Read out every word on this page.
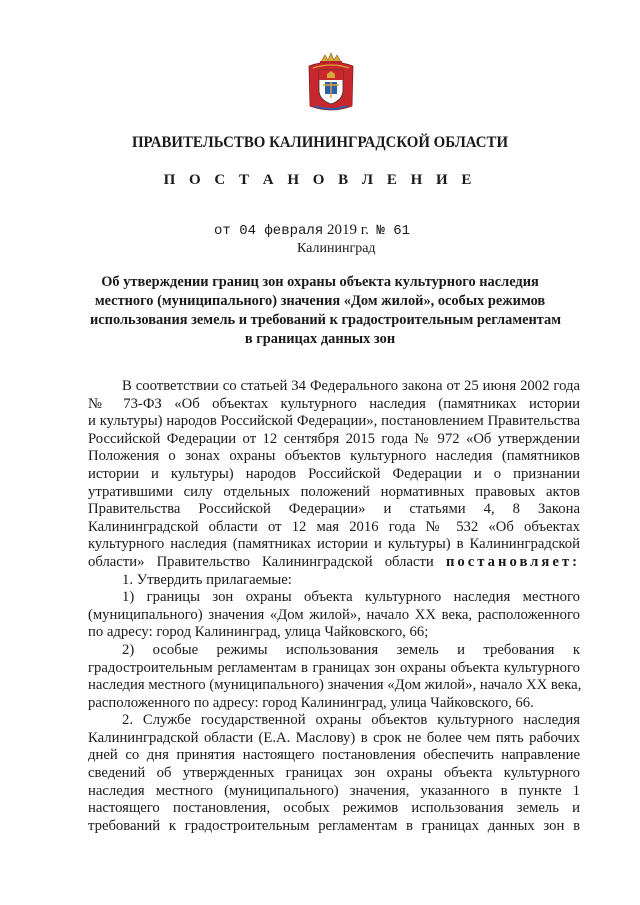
ПРАВИТЕЛЬСТВО КАЛИНИНГРАДСКОЙ ОБЛАСТИ
П О С Т А Н О В Л Е Н И Е
от 04 февраля 2019 г. № 61
Калининград
Об утверждении границ зон охраны объекта культурного наследия
местного (муниципального) значения «Дом жилой», особых режимов
использования земель и требований к градостроительным регламентам
в границах данных зон
В соответствии со статьей 34 Федерального закона от 25 июня 2002 года
№ 73-ФЗ «Об объектах культурного наследия (памятниках истории
и культуры) народов Российской Федерации», постановлением Правительства
Российской Федерации от 12 сентября 2015 года № 972 «Об утверждении
Положения о зонах охраны объектов культурного наследия (памятников
истории и культуры) народов Российской Федерации и о признании
утратившими силу отдельных положений нормативных правовых актов
Правительства Российской Федерации» и статьями 4, 8 Закона
Калининградской области от 12 мая 2016 года № 532 «Об объектах
культурного наследия (памятниках истории и культуры) в Калининградской
области» Правительство Калининградской области постановляет:
1. Утвердить прилагаемые:
1) границы зон охраны объекта культурного наследия местного
(муниципального) значения «Дом жилой», начало XX века, расположенного
по адресу: город Калининград, улица Чайковского, 66;
2) особые режимы использования земель и требования к
градостроительным регламентам в границах зон охраны объекта культурного
наследия местного (муниципального) значения «Дом жилой», начало XX века,
расположенного по адресу: город Калининград, улица Чайковского, 66.
2. Службе государственной охраны объектов культурного наследия
Калининградской области (Е.А. Маслову) в срок не более чем пять рабочих
дней со дня принятия настоящего постановления обеспечить направление
сведений об утвержденных границах зон охраны объекта культурного
наследия местного (муниципального) значения, указанного в пункте 1
настоящего постановления, особых режимов использования земель и
требований к градостроительным регламентам в границах данных зон в
